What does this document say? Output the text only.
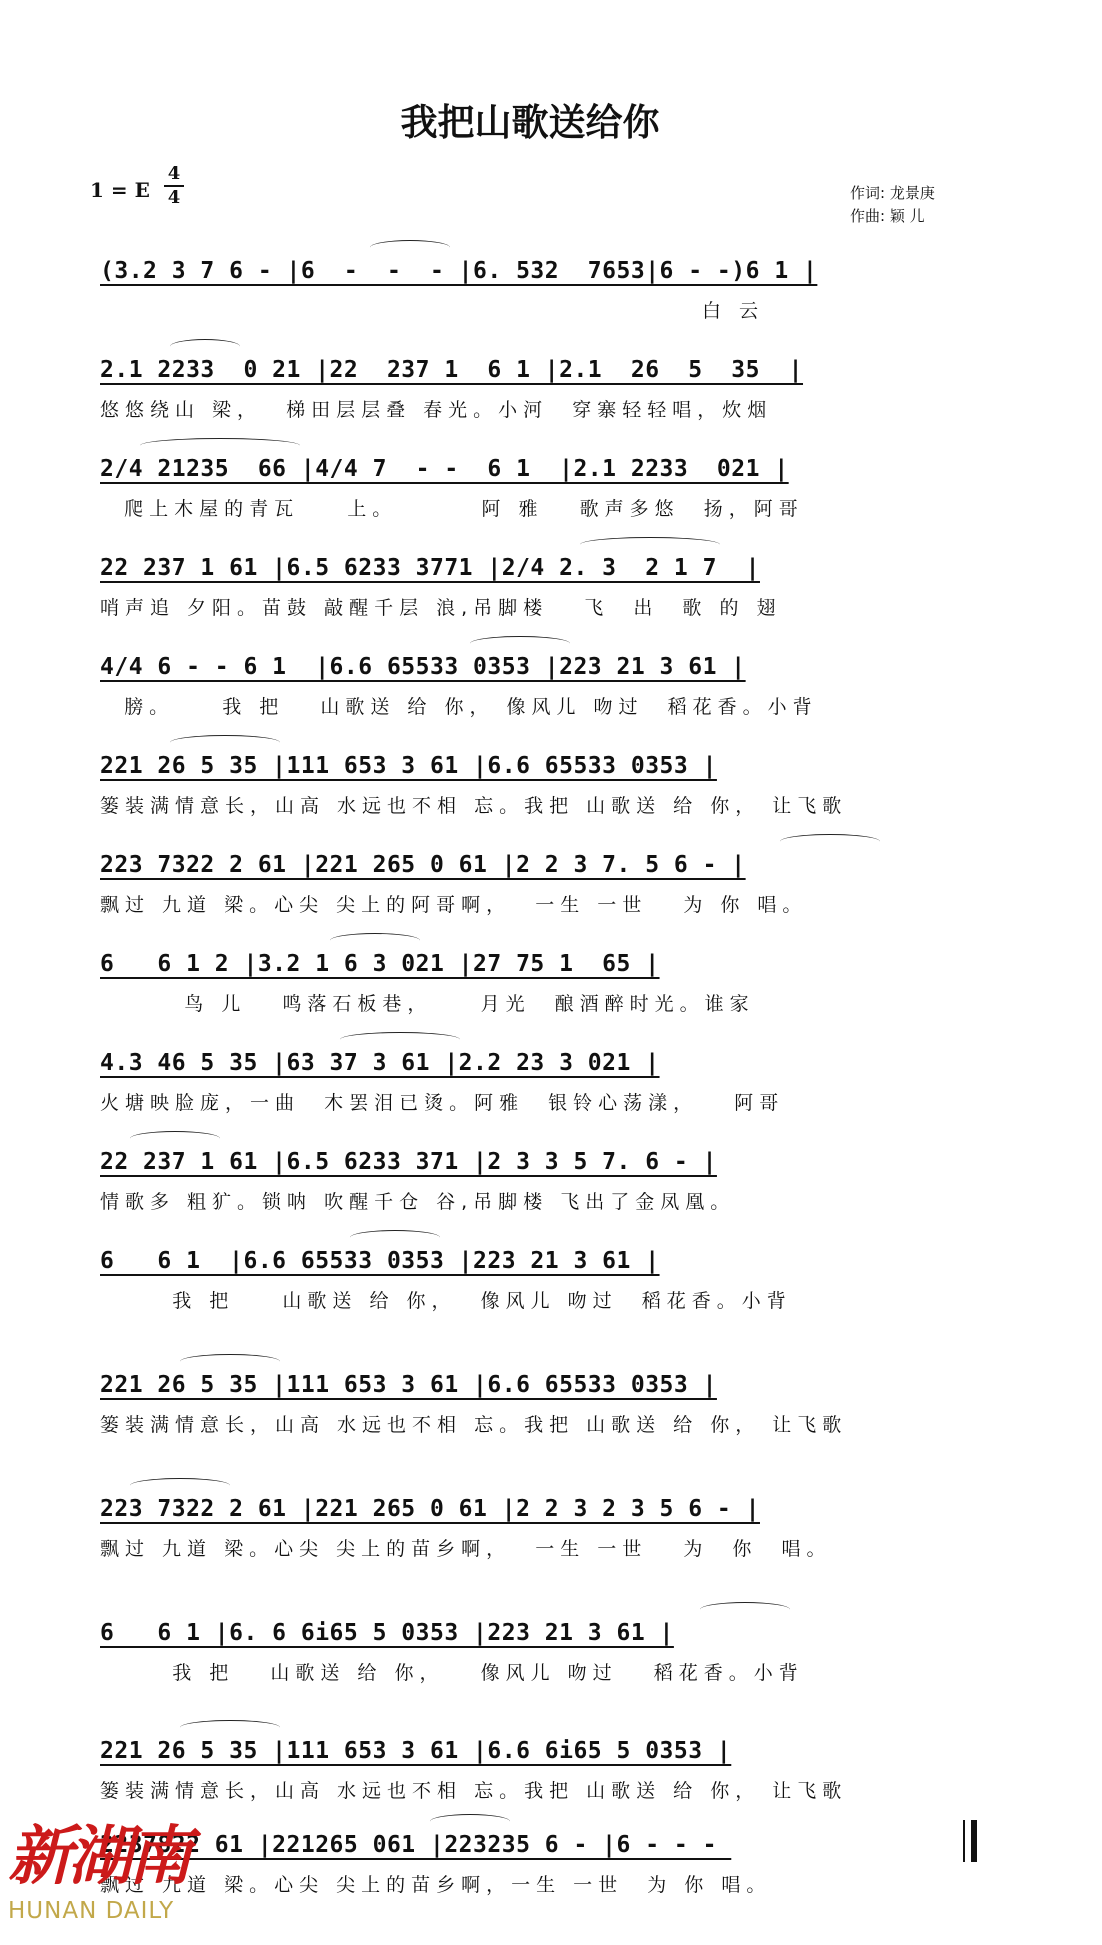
我把山歌送给你
1 = E
4
4	作词: 龙景庚
作曲: 颖 儿
(3.2 3 7 6 - |6  -  -  - |6. 532  7653|6 - -)6 1 |
白 云
2.1 2233  0 21 |22  237 1  6 1 |2.1  26  5  35  |
悠悠绕山 梁，  梯田层层叠 春光。小河  穿寨轻轻唱，炊烟
2/4 21235  66 |4/4 7  - -  6 1  |2.1 2233  021 |
爬上木屋的青瓦    上。       阿 雅   歌声多悠  扬，阿哥
22 237 1 61 |6.5 6233 3771 |2/4 2. 3  2 1 7  |
哨声追 夕阳。苗鼓 敲醒千层 浪,吊脚楼   飞  出  歌 的 翅
4/4 6 - - 6 1  |6.6 65533 0353 |223 21 3 61 |
膀。    我 把   山歌送 给 你， 像风儿 吻过  稻花香。小背
221 26 5 35 |111 653 3 61 |6.6 65533 0353 |
篓装满情意长，山高 水远也不相 忘。我把 山歌送 给 你， 让飞歌
223 7322 2 61 |221 265 0 61 |2 2 3 7. 5 6 - |
飘过 九道 梁。心尖 尖上的阿哥啊，  一生 一世   为 你 唱。
6   6 1 2 |3.2 1 6 3 021 |27 75 1  65 |
鸟 儿   鸣落石板巷，    月光  酿酒醉时光。谁家
4.3 46 5 35 |63 37 3 61 |2.2 23 3 021 |
火塘映脸庞，一曲  木罢泪已烫。阿雅  银铃心荡漾，   阿哥
22 237 1 61 |6.5 6233 371 |2 3 3 5 7. 6 - |
情歌多 粗犷。锁呐 吹醒千仓 谷,吊脚楼 飞出了金凤凰。
6   6 1  |6.6 65533 0353 |223 21 3 61 |
我 把    山歌送 给 你，  像风儿 吻过  稻花香。小背
221 26 5 35 |111 653 3 61 |6.6 65533 0353 |
篓装满情意长，山高 水远也不相 忘。我把 山歌送 给 你， 让飞歌
223 7322 2 61 |221 265 0 61 |2 2 3 2 3 5 6 - |
飘过 九道 梁。心尖 尖上的苗乡啊，  一生 一世   为  你  唱。
6   6 1 |6. 6 6i65 5 0353 |223 21 3 61 |
我 把   山歌送 给 你，   像风儿 吻过   稻花香。小背
221 26 5 35 |111 653 3 61 |6.6 6i65 5 0353 |
篓装满情意长，山高 水远也不相 忘。我把 山歌送 给 你， 让飞歌
2237822 61 |221265 061 |223235 6 - |6 - - -
飘过 九道 梁。心尖 尖上的苗乡啊，一生 一世  为 你 唱。
新湖南
HUNAN DAILY
